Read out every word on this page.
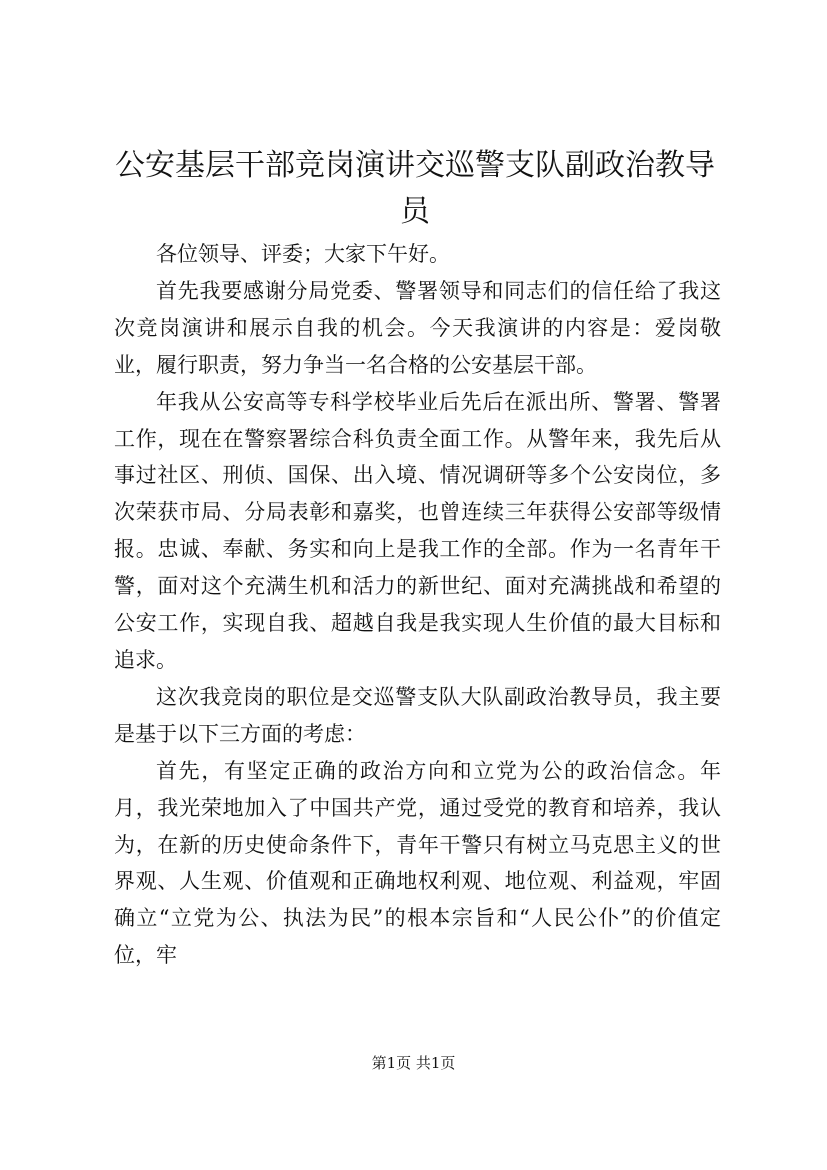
公安基层干部竞岗演讲交巡警支队副政治教导员

各位领导、评委；大家下午好。

首先我要感谢分局党委、警署领导和同志们的信任给了我这次竞岗演讲和展示自我的机会。今天我演讲的内容是：爱岗敬业，履行职责，努力争当一名合格的公安基层干部。

年我从公安高等专科学校毕业后先后在派出所、警署、警署工作，现在在警察署综合科负责全面工作。从警年来，我先后从事过社区、刑侦、国保、出入境、情况调研等多个公安岗位，多次荣获市局、分局表彰和嘉奖，也曾连续三年获得公安部等级情报。忠诚、奉献、务实和向上是我工作的全部。作为一名青年干警，面对这个充满生机和活力的新世纪、面对充满挑战和希望的公安工作，实现自我、超越自我是我实现人生价值的最大目标和追求。

这次我竞岗的职位是交巡警支队大队副政治教导员，我主要是基于以下三方面的考虑：

首先，有坚定正确的政治方向和立党为公的政治信念。年月，我光荣地加入了中国共产党，通过受党的教育和培养，我认为，在新的历史使命条件下，青年干警只有树立马克思主义的世界观、人生观、价值观和正确地权利观、地位观、利益观，牢固确立“立党为公、执法为民”的根本宗旨和“人民公仆”的价值定位，牢

第1页 共1页
